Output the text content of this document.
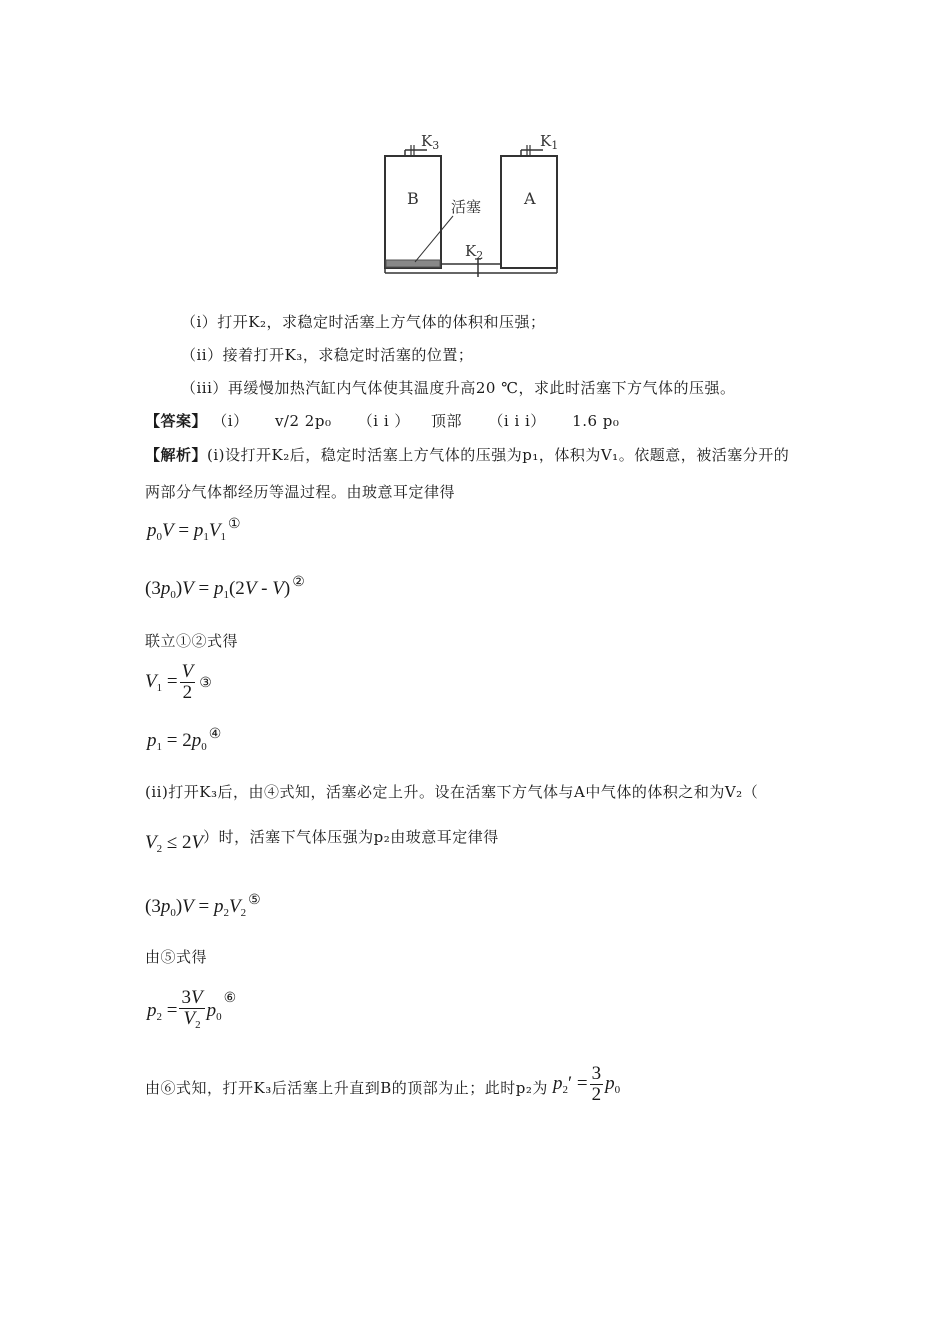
$K_3$	$K_1$
$K_2$
B	A
活塞
（i）打开K₂，求稳定时活塞上方气体的体积和压强；
（ii）接着打开K₃，求稳定时活塞的位置；
（iii）再缓慢加热汽缸内气体使其温度升高20 ℃，求此时活塞下方气体的压强。
【答案】 （i） v/2 2p₀ （i i ） 顶部 （i i i） 1.6 p₀
【解析】(i)设打开K₂后，稳定时活塞上方气体的压强为p₁，体积为V₁。依题意，被活塞分开的
两部分气体都经历等温过程。由玻意耳定律得
$p_0V = p_1V_1^①$
$(3p_0)V = p_1(2V - V)$ ②
联立①②式得
$V_1 = \frac{V}{2}$ ③
$p_1 = 2p_0^④$
(ii)打开K₃后，由④式知，活塞必定上升。设在活塞下方气体与A中气体的体积之和为V₂（
$V_2 \le 2V$）时，活塞下气体压强为p₂由玻意耳定律得
$(3p_0)V = p_2V_2^⑤$
由⑤式得
$p_2 = \frac{3V}{V_2} p_0^⑥$
由⑥式知，打开K₃后活塞上升直到B的顶部为止；此时p₂为 $p_2' = \frac{3}{2} p_0$
